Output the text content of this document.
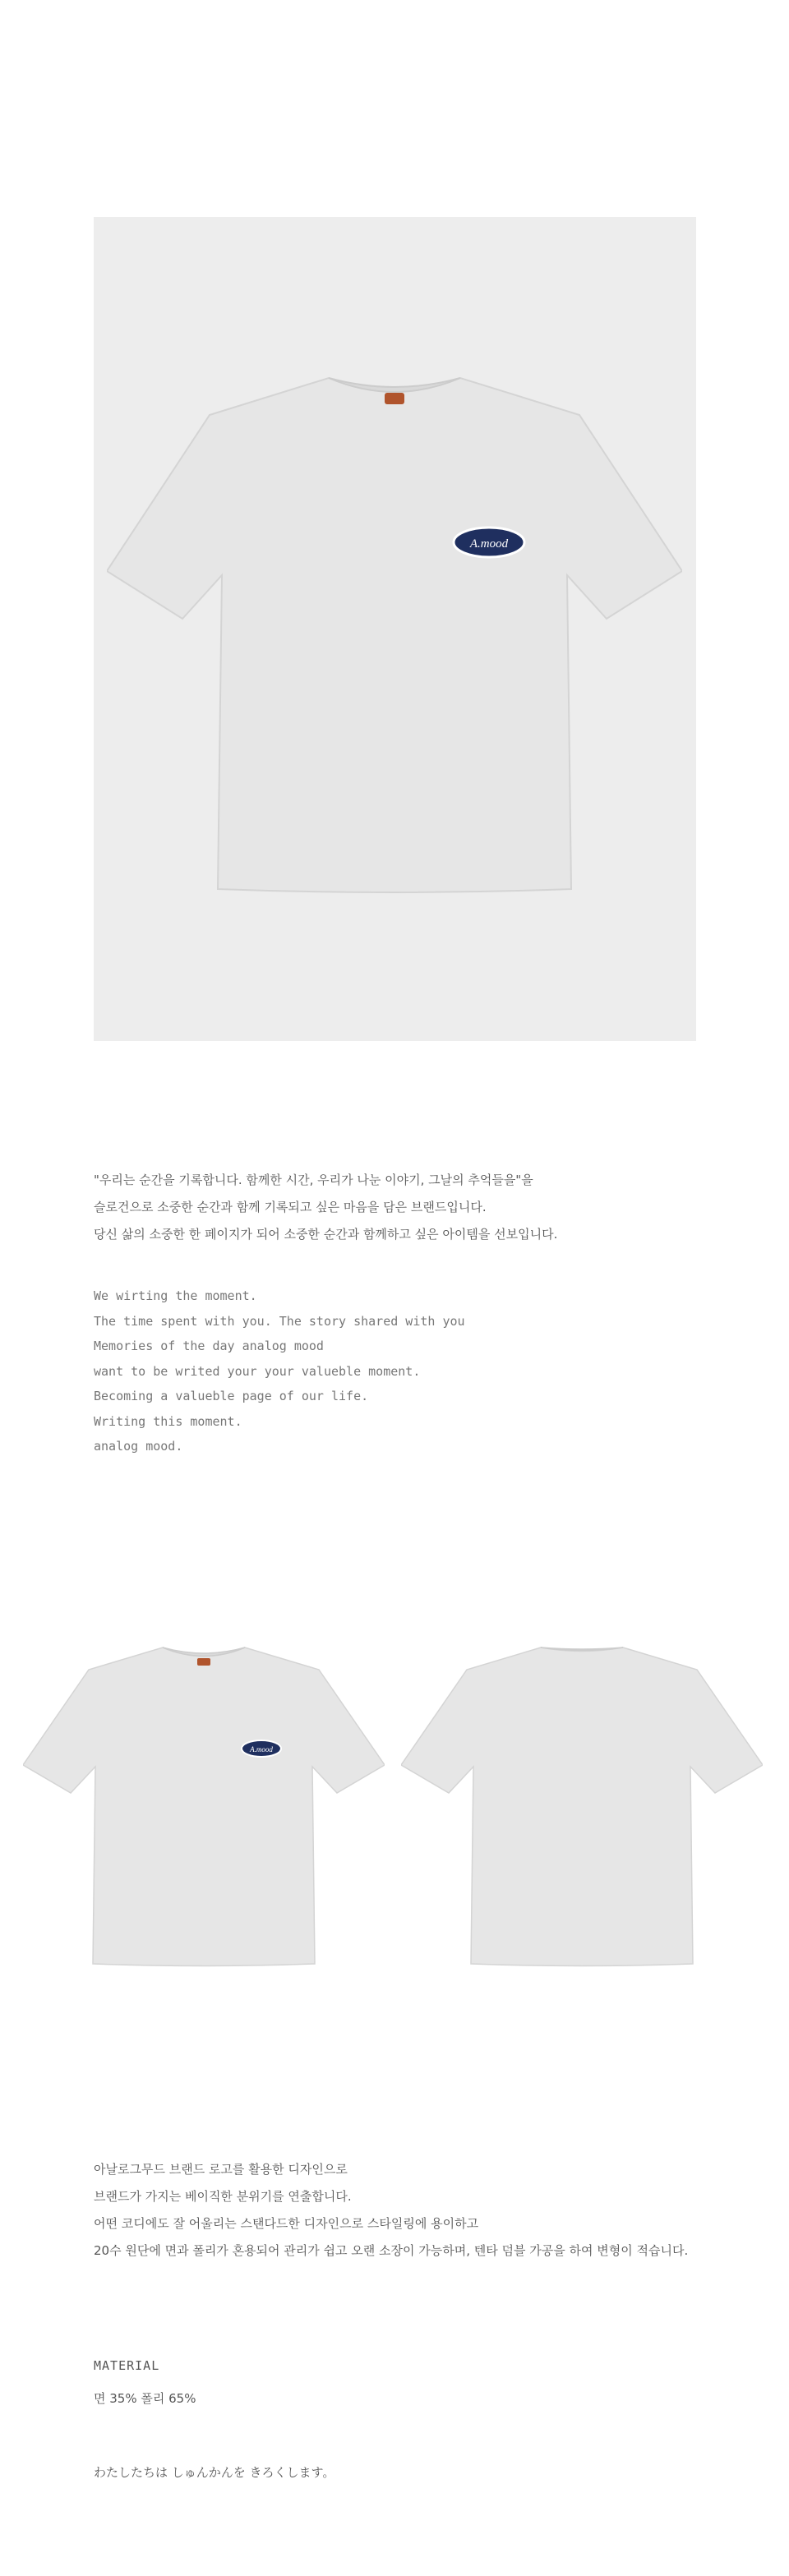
A.mood

"우리는 순간을 기록합니다. 함께한 시간, 우리가 나눈 이야기, 그날의 추억들을"을

슬로건으로 소중한 순간과 함께 기록되고 싶은 마음을 담은 브랜드입니다.

당신 삶의 소중한 한 페이지가 되어 소중한 순간과 함께하고 싶은 아이템을 선보입니다.

We wirting the moment.

The time spent with you. The story shared with you

Memories of the day analog mood

want to be writed your your valueble moment.

Becoming a valueble page of our life.

Writing this moment.

analog mood.

A.mood

아날로그무드 브랜드 로고를 활용한 디자인으로

브랜드가 가지는 베이직한 분위기를 연출합니다.

어떤 코디에도 잘 어울리는 스탠다드한 디자인으로 스타일링에 용이하고

20수 원단에 면과 폴리가 혼용되어 관리가 쉽고 오랜 소장이 가능하며, 텐타 덤블 가공을 하여 변형이 적습니다.

MATERIAL
면 35% 폴리 65%
わたしたちは しゅんかんを きろくします。
